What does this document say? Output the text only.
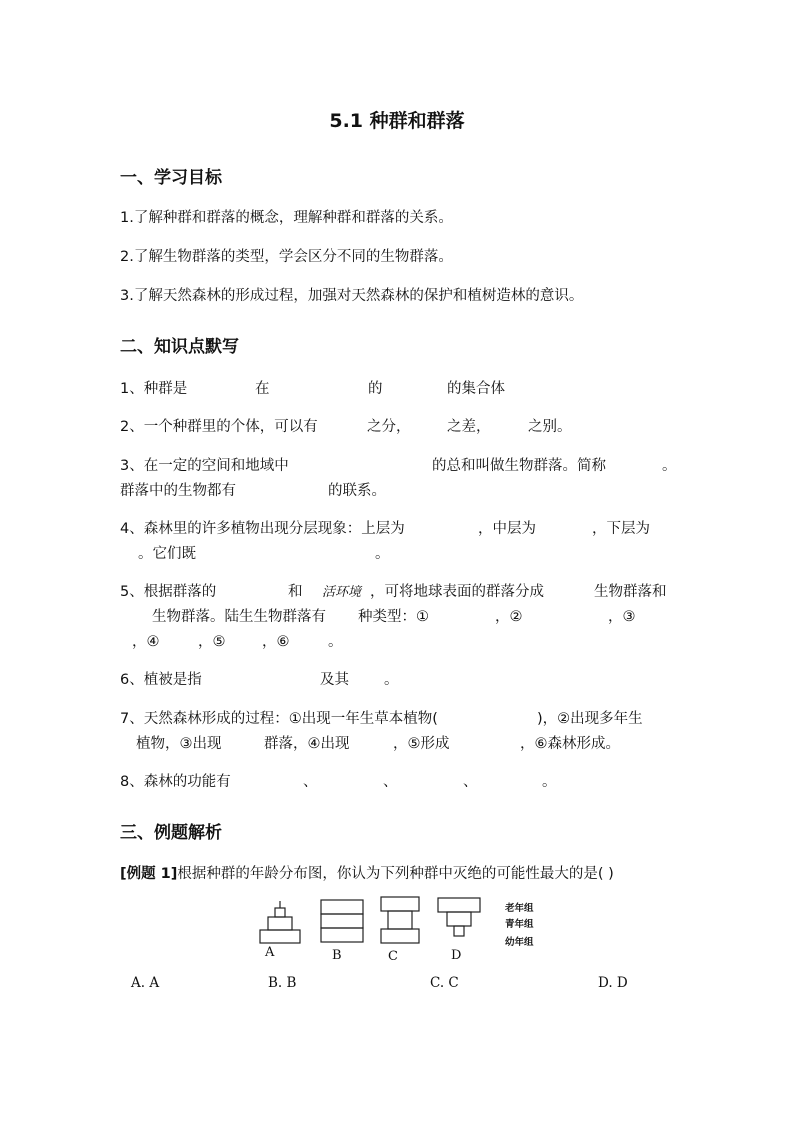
5.1 种群和群落
一、学习目标
1.了解种群和群落的概念，理解种群和群落的关系。
2.了解生物群落的类型，学会区分不同的生物群落。
3.了解天然森林的形成过程，加强对天然森林的保护和植树造林的意识。
二、知识点默写
1、种群是	在	的	的集合体
2、一个种群里的个体，可以有	之分，	之差，	之别。
3、在一定的空间和地域中	的总和叫做生物群落。简称	。
群落中的生物都有	的联系。
4、森林里的许多植物出现分层现象：上层为	，中层为	，下层为
。它们既	。
5、根据群落的	和 活环境 ，可将地球表面的群落分成	生物群落和
生物群落。陆生生物群落有 种类型：①	，②	，③
，④	，⑤	，⑥	。
6、植被是指	及其 。
7、天然森林形成的过程：①出现一年生草本植物(	)，②出现多年生
植物，③出现	群落，④出现	，⑤形成	，⑥森林形成。
8、森林的功能有	、	、	、	。
三、例题解析
[例题 1]根据种群的年龄分布图，你认为下列种群中灭绝的可能性最大的是( )
A	B	C	D
老年组
青年组
幼年组
A. A	B. B	C. C	D. D
